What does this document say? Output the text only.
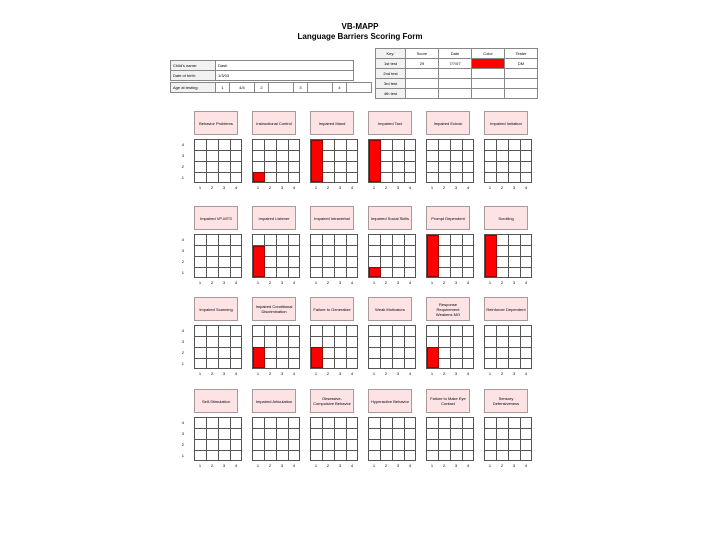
VB-MAPP
Language Barriers Scoring Form
Child's name:	Dash
Date of birth:	1/3/03
Age at testing:	1	4/4	2		3		4	
Key:	Score	Date	Color	Tester
1st test	29	7/7/07		DM
2nd test				
3rd test				
4th test				
Behavior Problems
4
3
2
1
1	2	3	4
Instructional Control
1	2	3	4
Impaired Mand
1	2	3	4
Impaired Tact
1	2	3	4
Impaired Echoic
1	2	3	4
Impaired Imitation
1	2	3	4
Impaired VP-MTS
4
3
2
1
1	2	3	4
Impaired Listener
1	2	3	4
Impaired Intraverbal
1	2	3	4
Impaired Social Skills
1	2	3	4
Prompt Dependent
1	2	3	4
Scrolling
1	2	3	4
Impaired Scanning
4
3
2
1
1	2	3	4
Impaired Conditional Discrimination
1	2	3	4
Failure to Generalize
1	2	3	4
Weak Motivators
1	2	3	4
Response Requirement Weakens MO
1	2	3	4
Reinforcer Dependent
1	2	3	4
Self-Stimulation
4
3
2
1
1	2	3	4
Impaired Articulation
1	2	3	4
Obsessive-Compulsive Behavior
1	2	3	4
Hyperactive Behavior
1	2	3	4
Failure to Make Eye Contact
1	2	3	4
Sensory Defensiveness
1	2	3	4
